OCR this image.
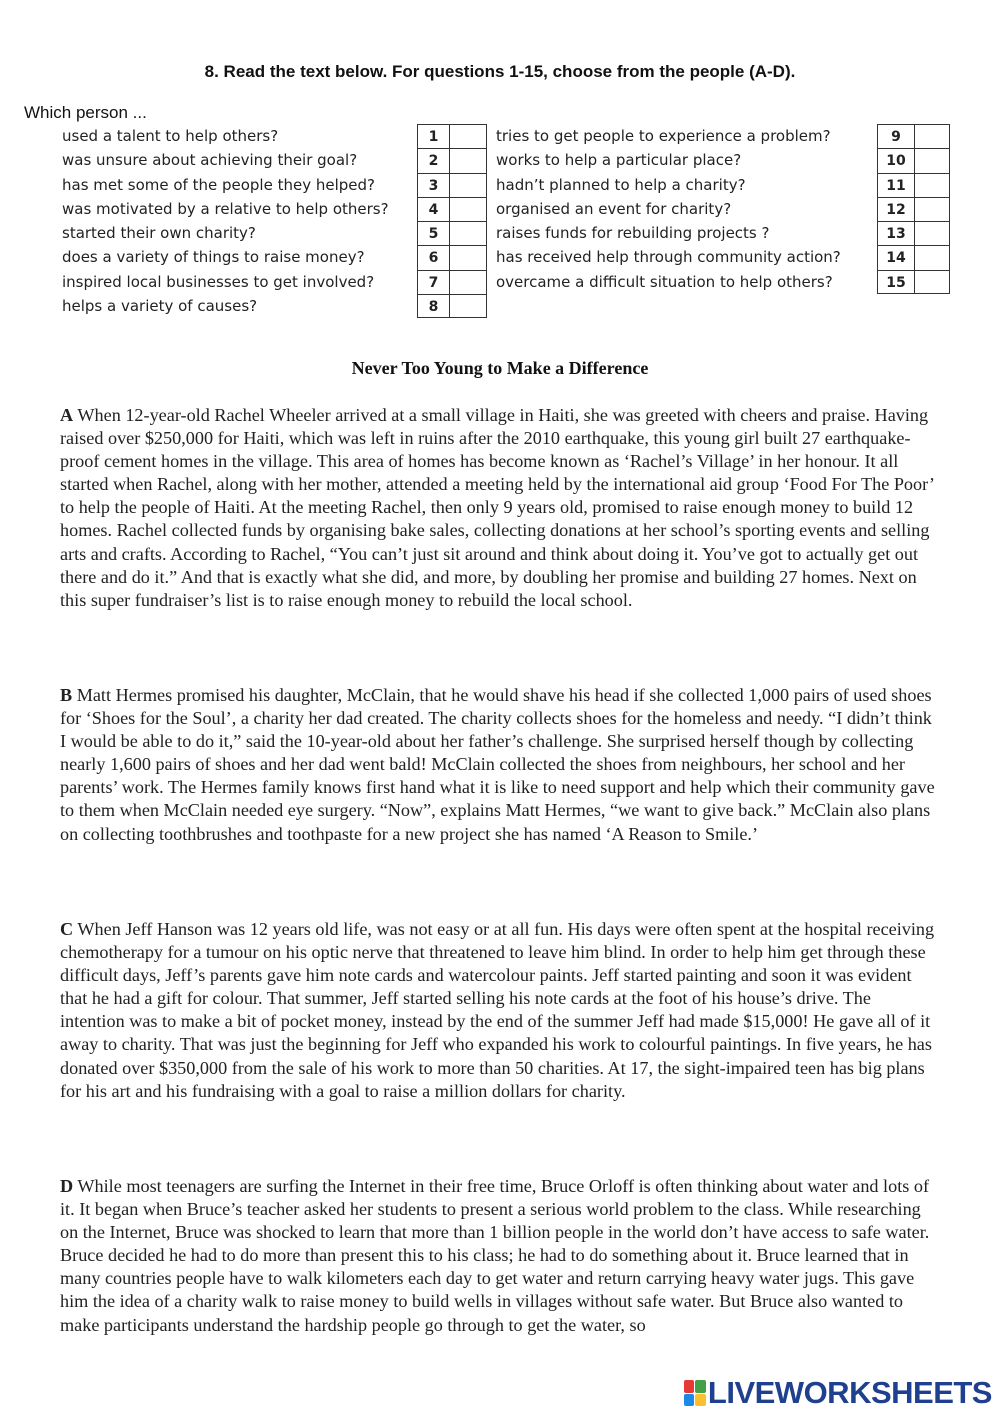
8. Read the text below. For questions 1-15, choose from the people (A-D).
Which person ...
used a talent to help others?	1
was unsure about achieving their goal?	2
has met some of the people they helped?	3
was motivated by a relative to help others?	4
started their own charity?	5
does a variety of things to raise money?	6
inspired local businesses to get involved?	7
helps a variety of causes?	8
tries to get people to experience a problem?	9
works to help a particular place?	10
hadn’t planned to help a charity?	11
organised an event for charity?	12
raises funds for rebuilding projects ?	13
has received help through community action?	14
overcame a difficult situation to help others?	15
Never Too Young to Make a Difference
A When 12-year-old Rachel Wheeler arrived at a small village in Haiti, she was greeted with cheers and praise. Having raised over $250,000 for Haiti, which was left in ruins after the 2010 earthquake, this young girl built 27 earthquake-proof cement homes in the village. This area of homes has become known as ‘Rachel’s Village’ in her honour. It all started when Rachel, along with her mother, attended a meeting held by the international aid group ‘Food For The Poor’ to help the people of Haiti. At the meeting Rachel, then only 9 years old, promised to raise enough money to build 12 homes. Rachel collected funds by organising bake sales, collecting donations at her school’s sporting events and selling arts and crafts. According to Rachel, “You can’t just sit around and think about doing it. You’ve got to actually get out there and do it.” And that is exactly what she did, and more, by doubling her promise and building 27 homes. Next on this super fundraiser’s list is to raise enough money to rebuild the local school.
B Matt Hermes promised his daughter, McClain, that he would shave his head if she collected 1,000 pairs of used shoes for ‘Shoes for the Soul’, a charity her dad created. The charity collects shoes for the homeless and needy. “I didn’t think I would be able to do it,” said the 10-year-old about her father’s challenge. She surprised herself though by collecting nearly 1,600 pairs of shoes and her dad went bald! McClain collected the shoes from neighbours, her school and her parents’ work. The Hermes family knows first hand what it is like to need support and help which their community gave to them when McClain needed eye surgery. “Now”, explains Matt Hermes, “we want to give back.” McClain also plans on collecting toothbrushes and toothpaste for a new project she has named ‘A Reason to Smile.’
C When Jeff Hanson was 12 years old life, was not easy or at all fun. His days were often spent at the hospital receiving chemotherapy for a tumour on his optic nerve that threatened to leave him blind. In order to help him get through these difficult days, Jeff’s parents gave him note cards and watercolour paints. Jeff started painting and soon it was evident that he had a gift for colour. That summer, Jeff started selling his note cards at the foot of his house’s drive. The intention was to make a bit of pocket money, instead by the end of the summer Jeff had made $15,000! He gave all of it away to charity. That was just the beginning for Jeff who expanded his work to colourful paintings. In five years, he has donated over $350,000 from the sale of his work to more than 50 charities. At 17, the sight-impaired teen has big plans for his art and his fundraising with a goal to raise a million dollars for charity.
D While most teenagers are surfing the Internet in their free time, Bruce Orloff is often thinking about water and lots of it. It began when Bruce’s teacher asked her students to present a serious world problem to the class. While researching on the Internet, Bruce was shocked to learn that more than 1 billion people in the world don’t have access to safe water. Bruce decided he had to do more than present this to his class; he had to do something about it. Bruce learned that in many countries people have to walk kilometers each day to get water and return carrying heavy water jugs. This gave him the idea of a charity walk to raise money to build wells in villages without safe water. But Bruce also wanted to make participants understand the hardship people go through to get the water, so
LIVEWORKSHEETS
